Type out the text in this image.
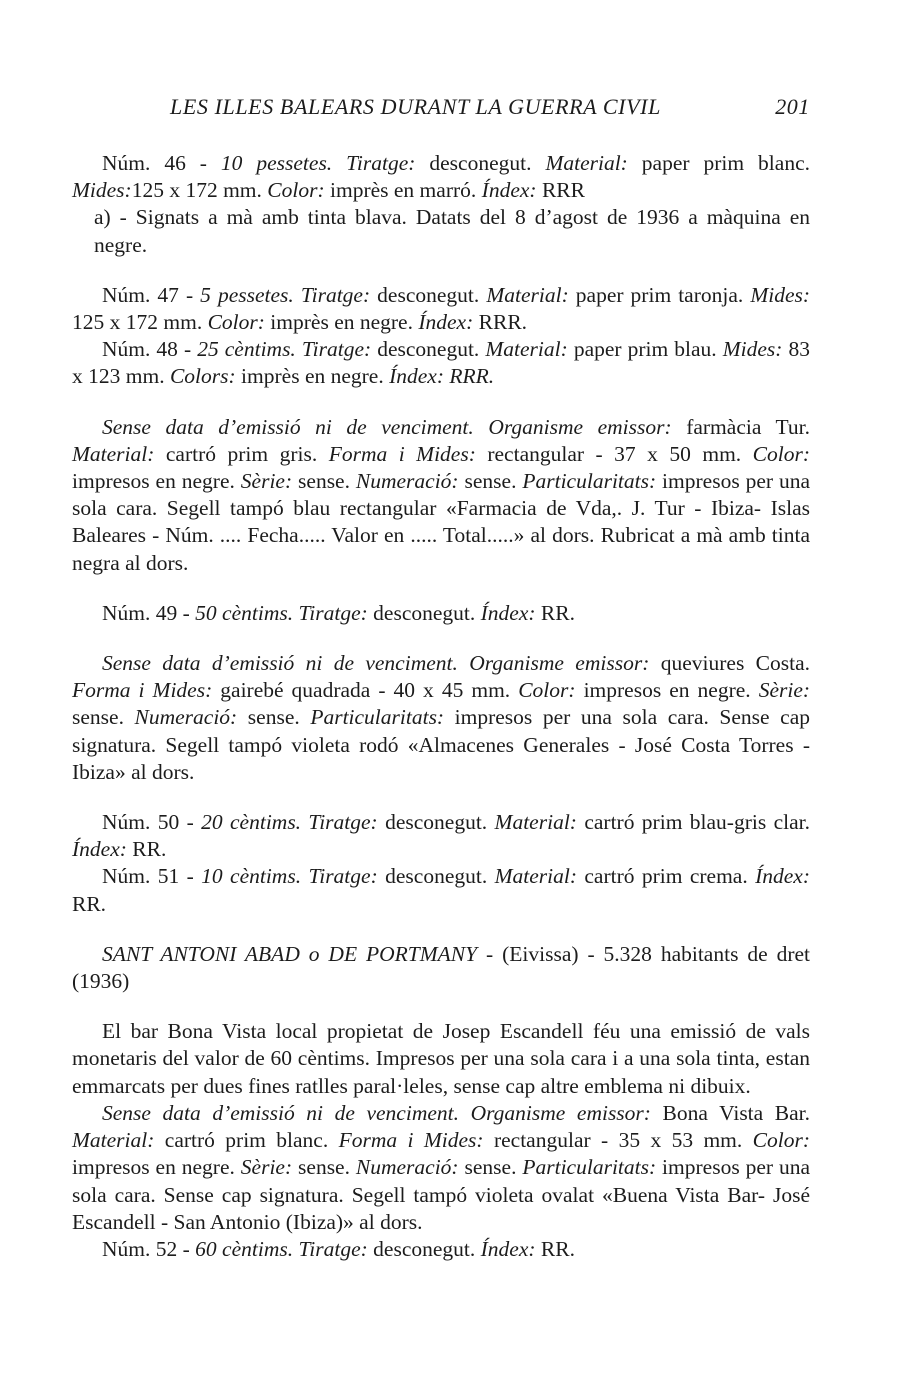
LES ILLES BALEARS DURANT LA GUERRA CIVIL	201

Núm. 46 - 10 pessetes. Tiratge: desconegut. Material: paper prim blanc. Mides:125 x 172 mm. Color: imprès en marró. Índex: RRR

a) - Signats a mà amb tinta blava. Datats del 8 d’agost de 1936 a màquina en negre.

Núm. 47 - 5 pessetes. Tiratge: desconegut. Material: paper prim taronja. Mides: 125 x 172 mm. Color: imprès en negre. Índex: RRR.

Núm. 48 - 25 cèntims. Tiratge: desconegut. Material: paper prim blau. Mides: 83 x 123 mm. Colors: imprès en negre. Índex: RRR.

Sense data d’emissió ni de venciment. Organisme emissor: farmàcia Tur. Material: cartró prim gris. Forma i Mides: rectangular - 37 x 50 mm. Color: impresos en negre. Sèrie: sense. Numeració: sense. Particularitats: impresos per una sola cara. Segell tampó blau rectangular «Farmacia de Vda,. J. Tur - Ibiza- Islas Baleares - Núm. .... Fecha..... Valor en ..... Total.....» al dors. Rubricat a mà amb tinta negra al dors.

Núm. 49 - 50 cèntims. Tiratge: desconegut. Índex: RR.

Sense data d’emissió ni de venciment. Organisme emissor: queviures Costa. Forma i Mides: gairebé quadrada - 40 x 45 mm. Color: impresos en negre. Sèrie: sense. Numeració: sense. Particularitats: impresos per una sola cara. Sense cap signatura. Segell tampó violeta rodó «Almacenes Generales - José Costa Torres - Ibiza» al dors.

Núm. 50 - 20 cèntims. Tiratge: desconegut. Material: cartró prim blau-gris clar. Índex: RR.

Núm. 51 - 10 cèntims. Tiratge: desconegut. Material: cartró prim crema. Índex: RR.

SANT ANTONI ABAD o DE PORTMANY - (Eivissa) - 5.328 habitants de dret (1936)

El bar Bona Vista local propietat de Josep Escandell féu una emissió de vals monetaris del valor de 60 cèntims. Impresos per una sola cara i a una sola tinta, estan emmarcats per dues fines ratlles paral·leles, sense cap altre emblema ni dibuix.

Sense data d’emissió ni de venciment. Organisme emissor: Bona Vista Bar. Material: cartró prim blanc. Forma i Mides: rectangular - 35 x 53 mm. Color: impresos en negre. Sèrie: sense. Numeració: sense. Particularitats: impresos per una sola cara. Sense cap signatura. Segell tampó violeta ovalat «Buena Vista Bar- José Escandell - San Antonio (Ibiza)» al dors.

Núm. 52 - 60 cèntims. Tiratge: desconegut. Índex: RR.
